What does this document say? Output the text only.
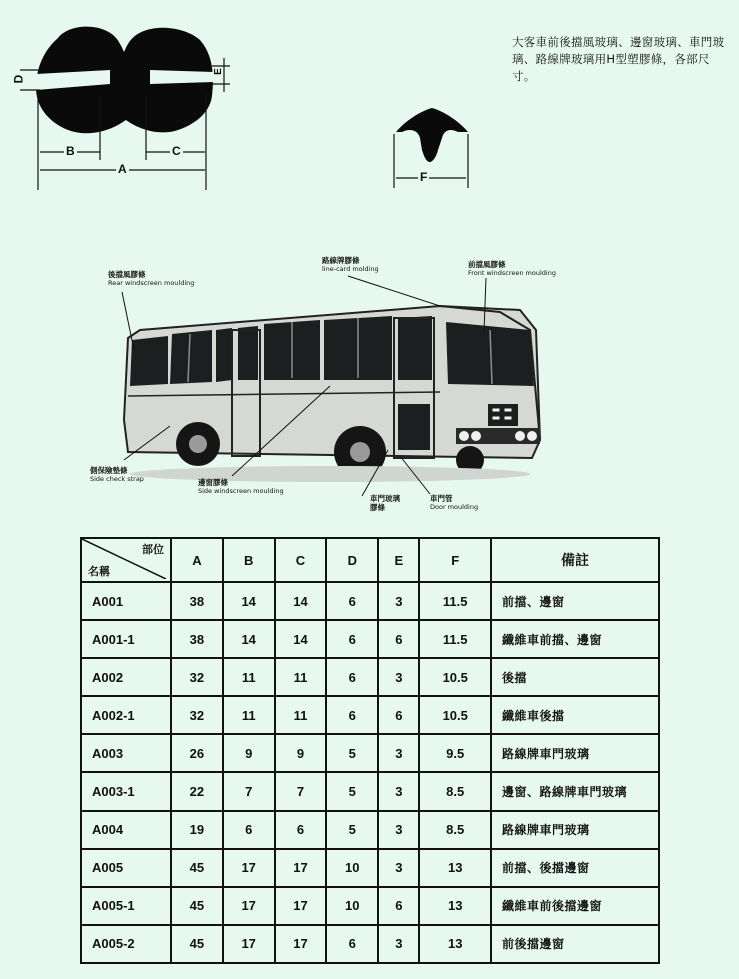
D
E
B	C
A
F
大客車前後擋風玻璃、邊窗玻璃、車門玻璃、路線牌玻璃用H型塑膠條，各部尺寸。
後擋風膠條
Rear windscreen moulding
路線牌膠條
line-card molding	前擋風膠條
Front windscreen moulding
側保險墊條
Side check strap	邊窗膠條
Side windscreen moulding
車門玻璃
膠條
車門管
Door moulding
部位
名稱	A	B	C	D	E	F	備註
A001	38	14	14	6	3	11.5	前擋、邊窗
A001-1	38	14	14	6	6	11.5	纖維車前擋、邊窗
A002	32	11	11	6	3	10.5	後擋
A002-1	32	11	11	6	6	10.5	纖維車後擋
A003	26	9	9	5	3	9.5	路線牌車門玻璃
A003-1	22	7	7	5	3	8.5	邊窗、路線牌車門玻璃
A004	19	6	6	5	3	8.5	路線牌車門玻璃
A005	45	17	17	10	3	13	前擋、後擋邊窗
A005-1	45	17	17	10	6	13	纖維車前後擋邊窗
A005-2	45	17	17	6	3	13	前後擋邊窗
